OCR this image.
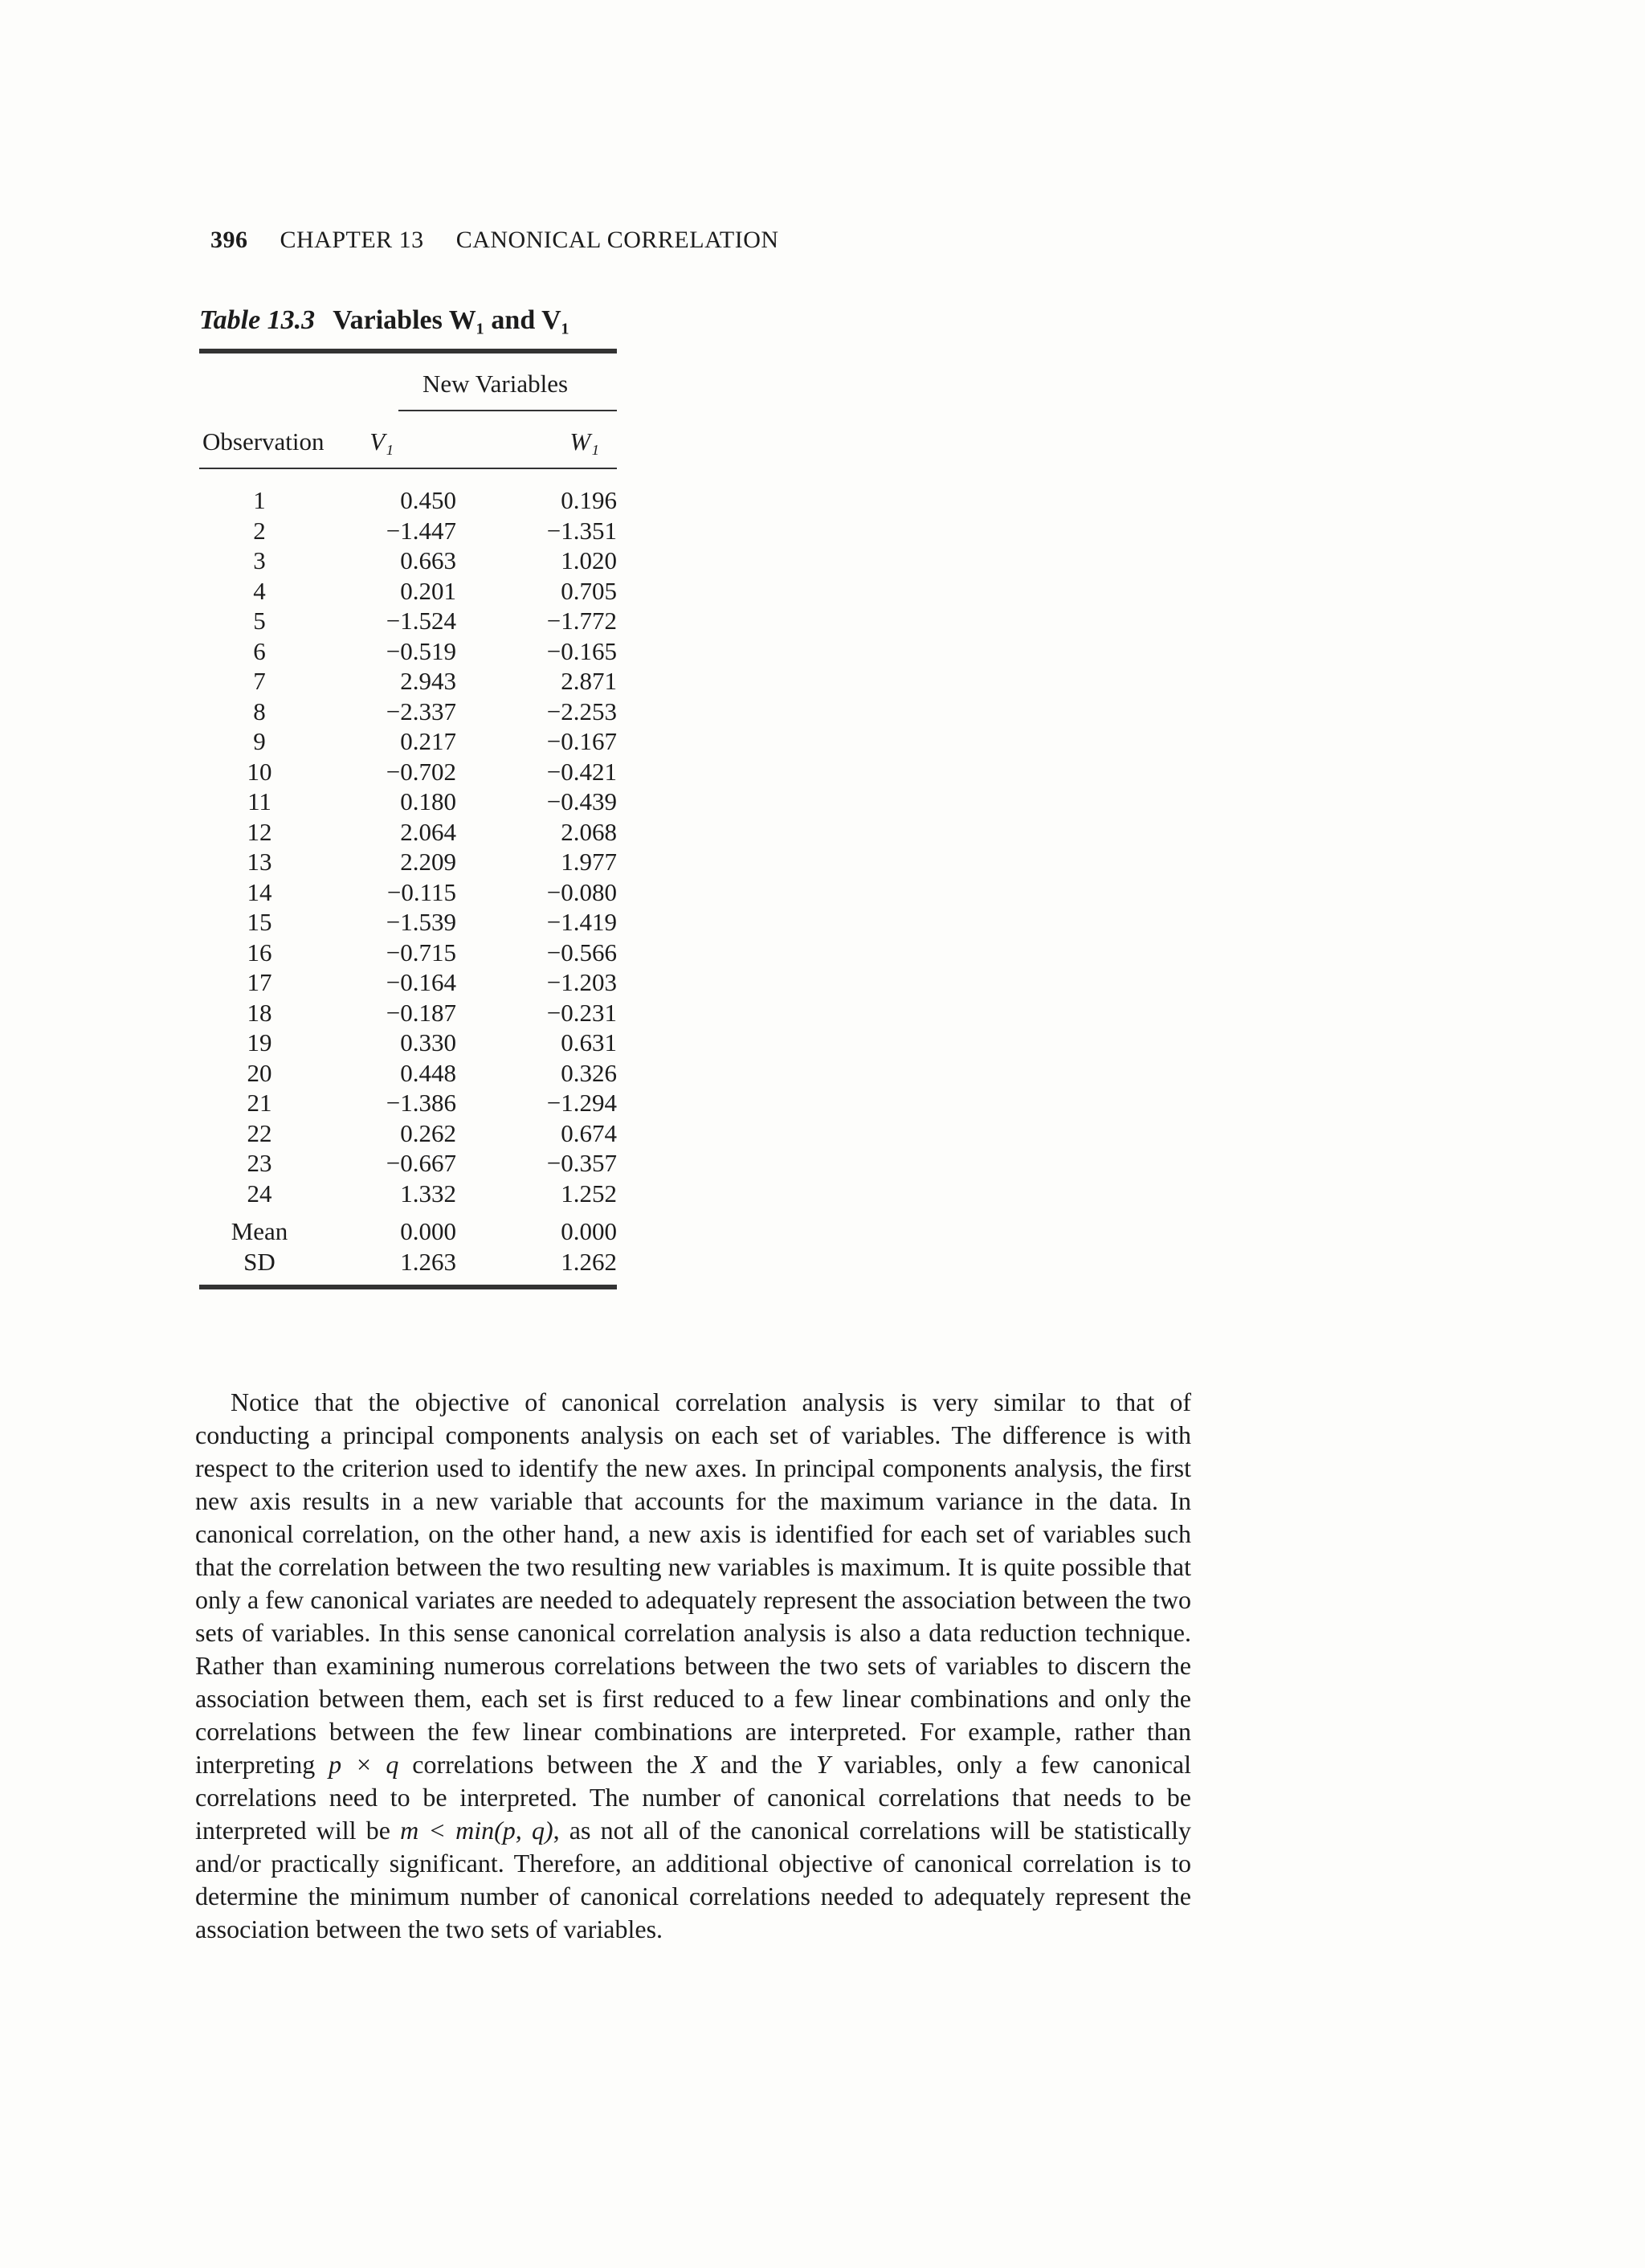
396 CHAPTER 13 CANONICAL CORRELATION
Table 13.3 Variables W₁ and V₁
New Variables
Observation	V₁	W₁
1	0.450	0.196
2	−1.447	−1.351
3	0.663	1.020
4	0.201	0.705
5	−1.524	−1.772
6	−0.519	−0.165
7	2.943	2.871
8	−2.337	−2.253
9	0.217	−0.167
10	−0.702	−0.421
11	0.180	−0.439
12	2.064	2.068
13	2.209	1.977
14	−0.115	−0.080
15	−1.539	−1.419
16	−0.715	−0.566
17	−0.164	−1.203
18	−0.187	−0.231
19	0.330	0.631
20	0.448	0.326
21	−1.386	−1.294
22	0.262	0.674
23	−0.667	−0.357
24	1.332	1.252
Mean	0.000	0.000
SD	1.263	1.262

Notice that the objective of canonical correlation analysis is very similar to that of conducting a principal components analysis on each set of variables. The difference is with respect to the criterion used to identify the new axes. In principal components analysis, the first new axis results in a new variable that accounts for the maximum variance in the data. In canonical correlation, on the other hand, a new axis is identified for each set of variables such that the correlation between the two resulting new variables is maximum. It is quite possible that only a few canonical variates are needed to adequately represent the association between the two sets of variables. In this sense canonical correlation analysis is also a data reduction technique. Rather than examining numerous correlations between the two sets of variables to discern the association between them, each set is first reduced to a few linear combinations and only the correlations between the few linear combinations are interpreted. For example, rather than interpreting p × q correlations between the X and the Y variables, only a few canonical correlations need to be interpreted. The number of canonical correlations that needs to be interpreted will be m < min(p, q), as not all of the canonical correlations will be statistically and/or practically significant. Therefore, an additional objective of canonical correlation is to determine the minimum number of canonical correlations needed to adequately represent the association between the two sets of variables.
